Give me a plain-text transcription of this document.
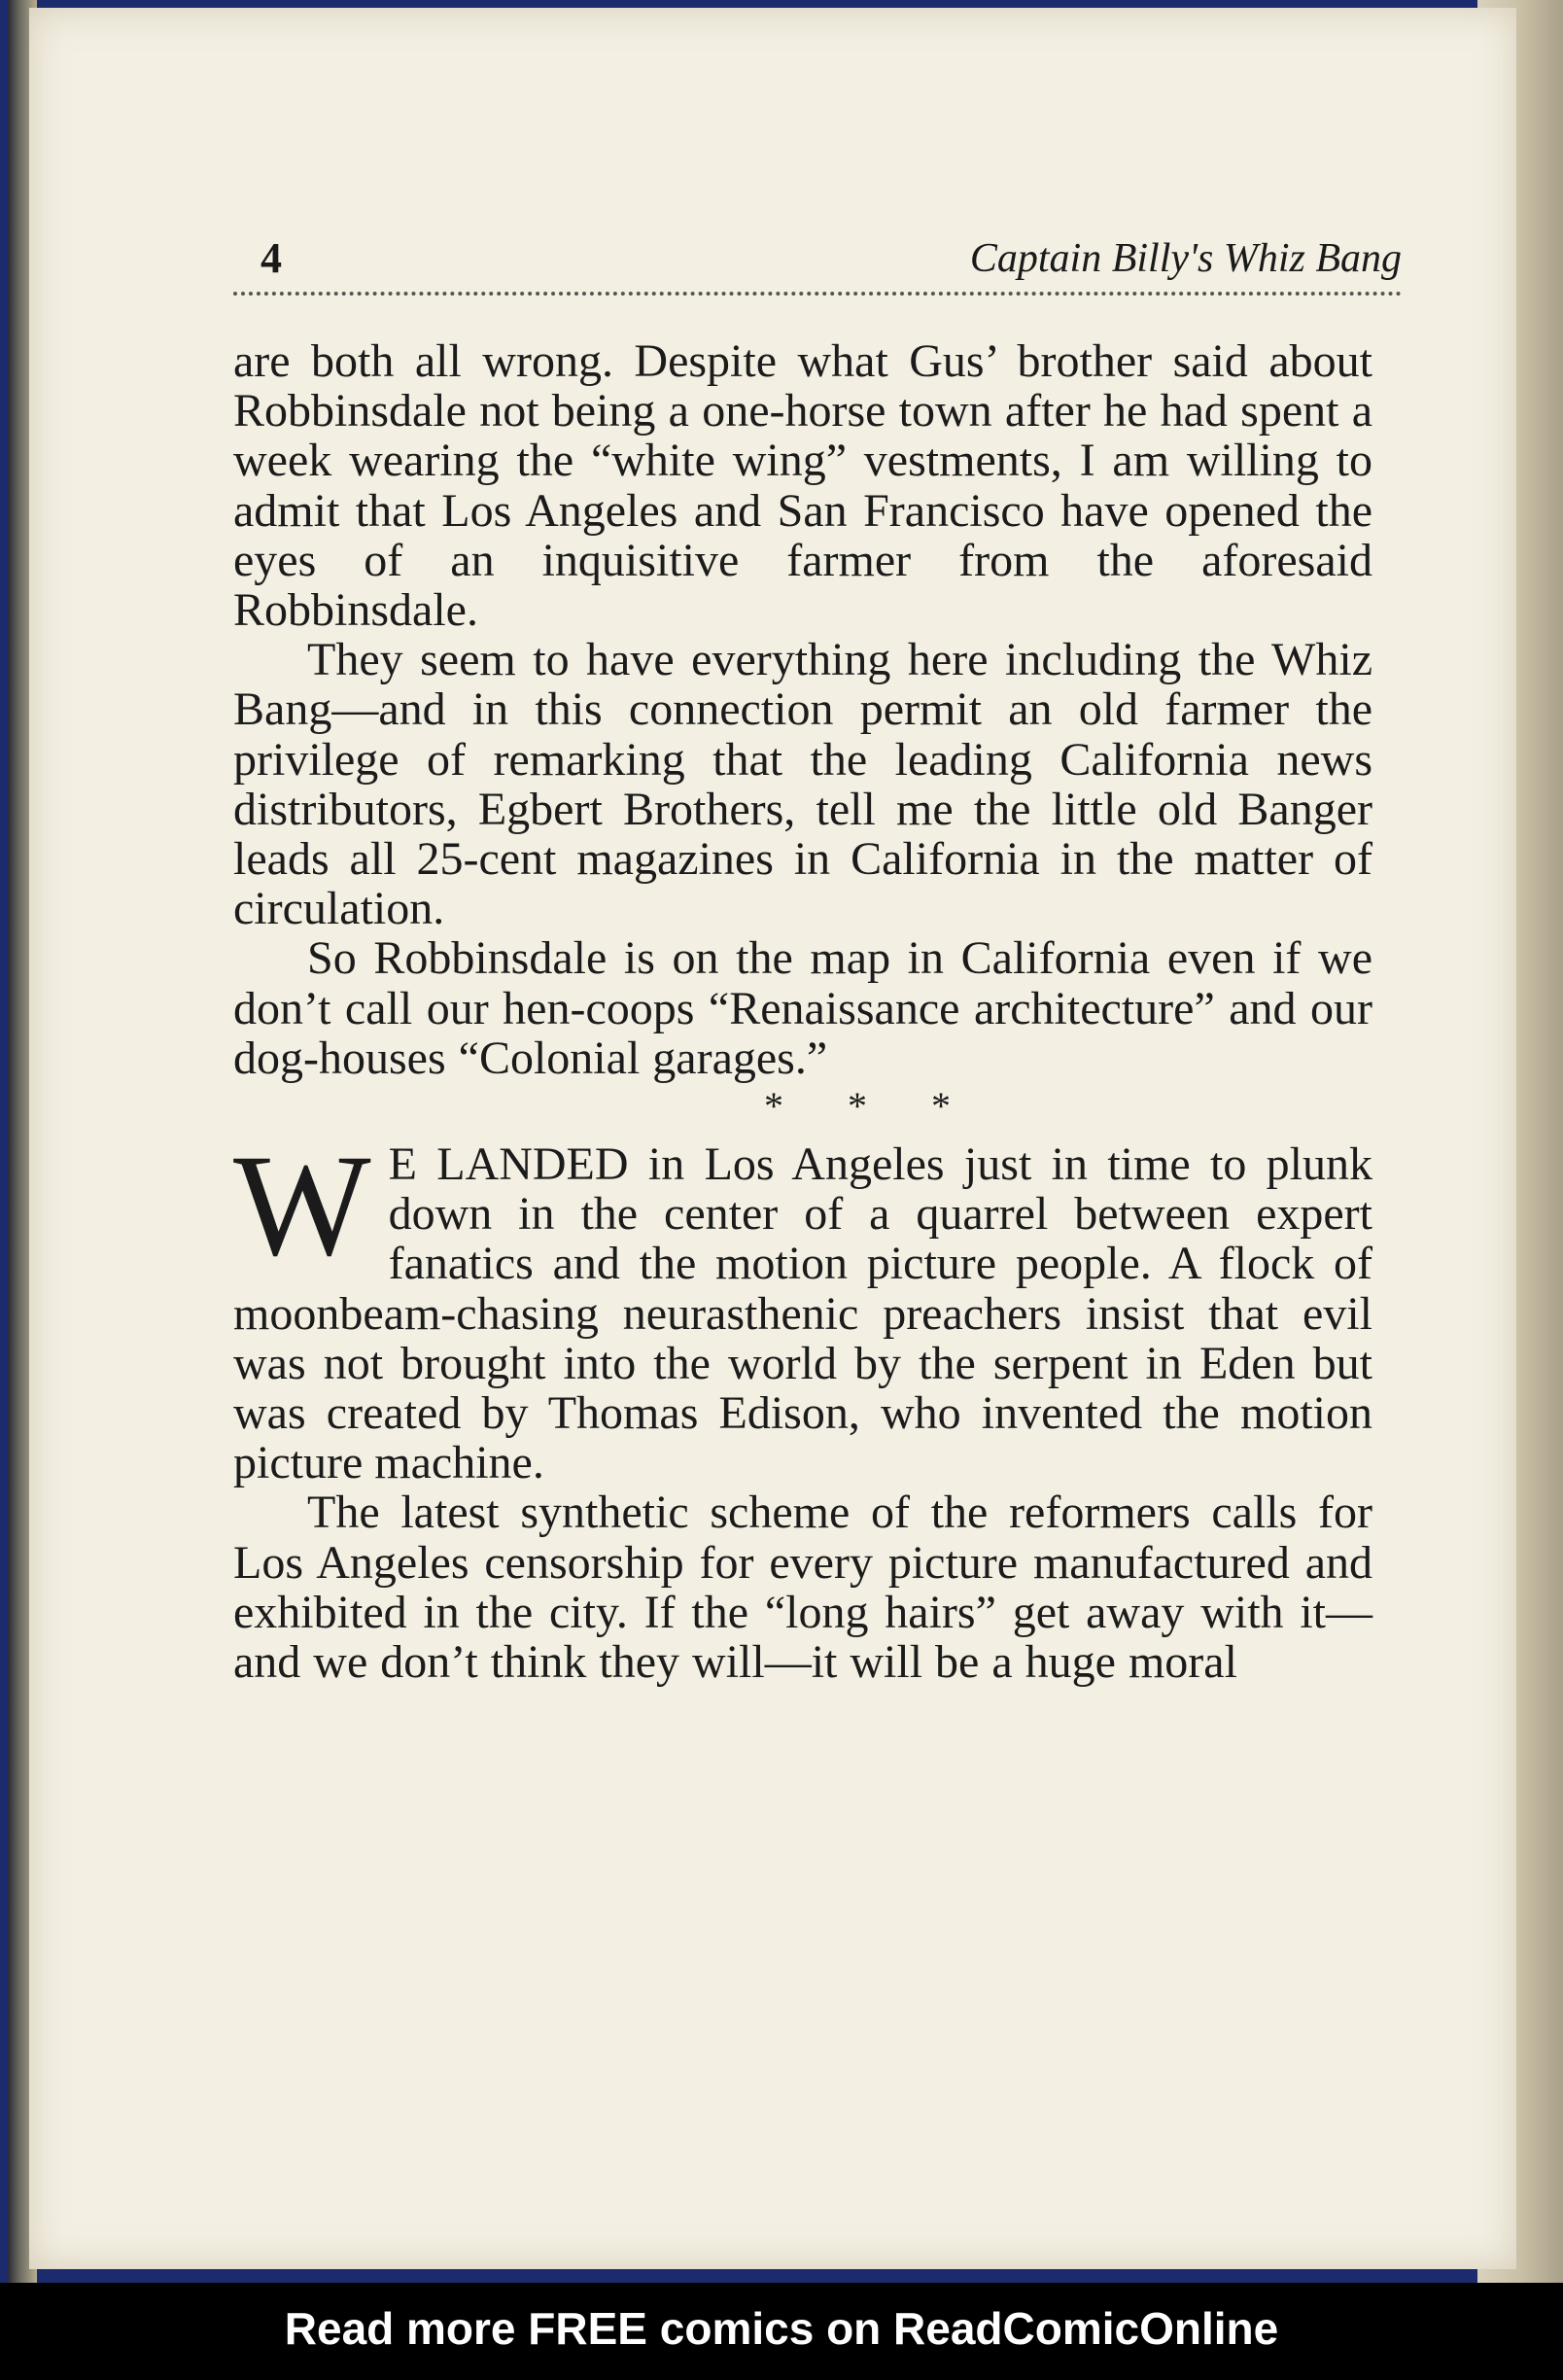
4	Captain Billy's Whiz Bang

are both all wrong. Despite what Gus’ brother said about Robbinsdale not being a one-horse town after he had spent a week wearing the “white wing” vestments, I am willing to admit that Los Angeles and San Francisco have opened the eyes of an inquisitive farmer from the aforesaid Robbinsdale.

They seem to have everything here including the Whiz Bang—and in this connection permit an old farmer the privilege of remarking that the leading California news distributors, Egbert Brothers, tell me the little old Banger leads all 25-cent magazines in California in the matter of circulation.

So Robbinsdale is on the map in California even if we don’t call our hen-coops “Renaissance architecture” and our dog-houses “Colonial garages.”

* * *

W E LANDED in Los Angeles just in time to plunk down in the center of a quarrel between expert fanatics and the motion picture people. A flock of moonbeam-chasing neurasthenic preachers insist that evil was not brought into the world by the serpent in Eden but was created by Thomas Edison, who invented the motion picture machine.

The latest synthetic scheme of the reformers calls for Los Angeles censorship for every picture manufactured and exhibited in the city. If the “long hairs” get away with it—and we don’t think they will—it will be a huge moral

Read more FREE comics on ReadComicOnline
